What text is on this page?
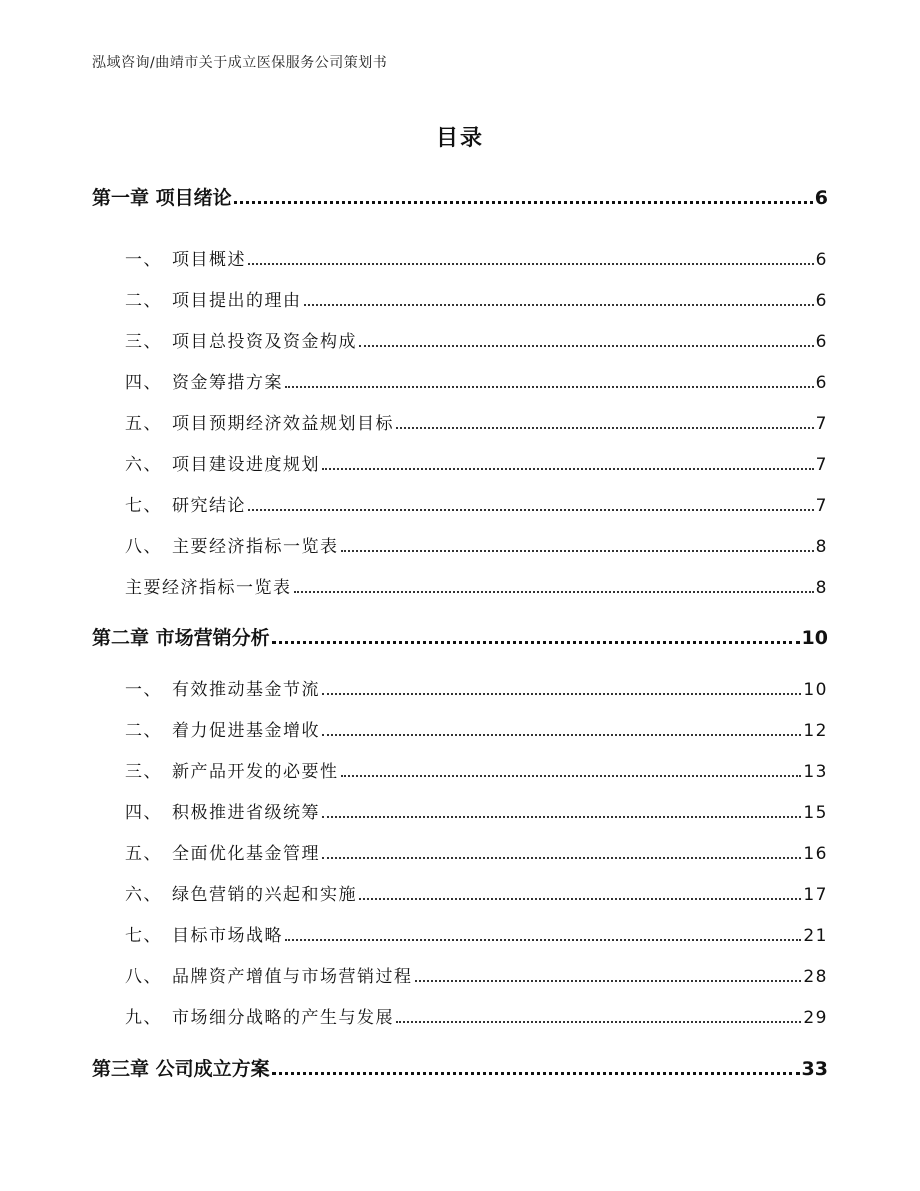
泓域咨询/曲靖市关于成立医保服务公司策划书
目录
第一章 项目绪论	6
一、 项目概述	6
二、 项目提出的理由	6
三、 项目总投资及资金构成	6
四、 资金筹措方案	6
五、 项目预期经济效益规划目标	7
六、 项目建设进度规划	7
七、 研究结论	7
八、 主要经济指标一览表	8
主要经济指标一览表	8
第二章 市场营销分析	10
一、 有效推动基金节流	10
二、 着力促进基金增收	12
三、 新产品开发的必要性	13
四、 积极推进省级统筹	15
五、 全面优化基金管理	16
六、 绿色营销的兴起和实施	17
七、 目标市场战略	21
八、 品牌资产增值与市场营销过程	28
九、 市场细分战略的产生与发展	29
第三章 公司成立方案	33
